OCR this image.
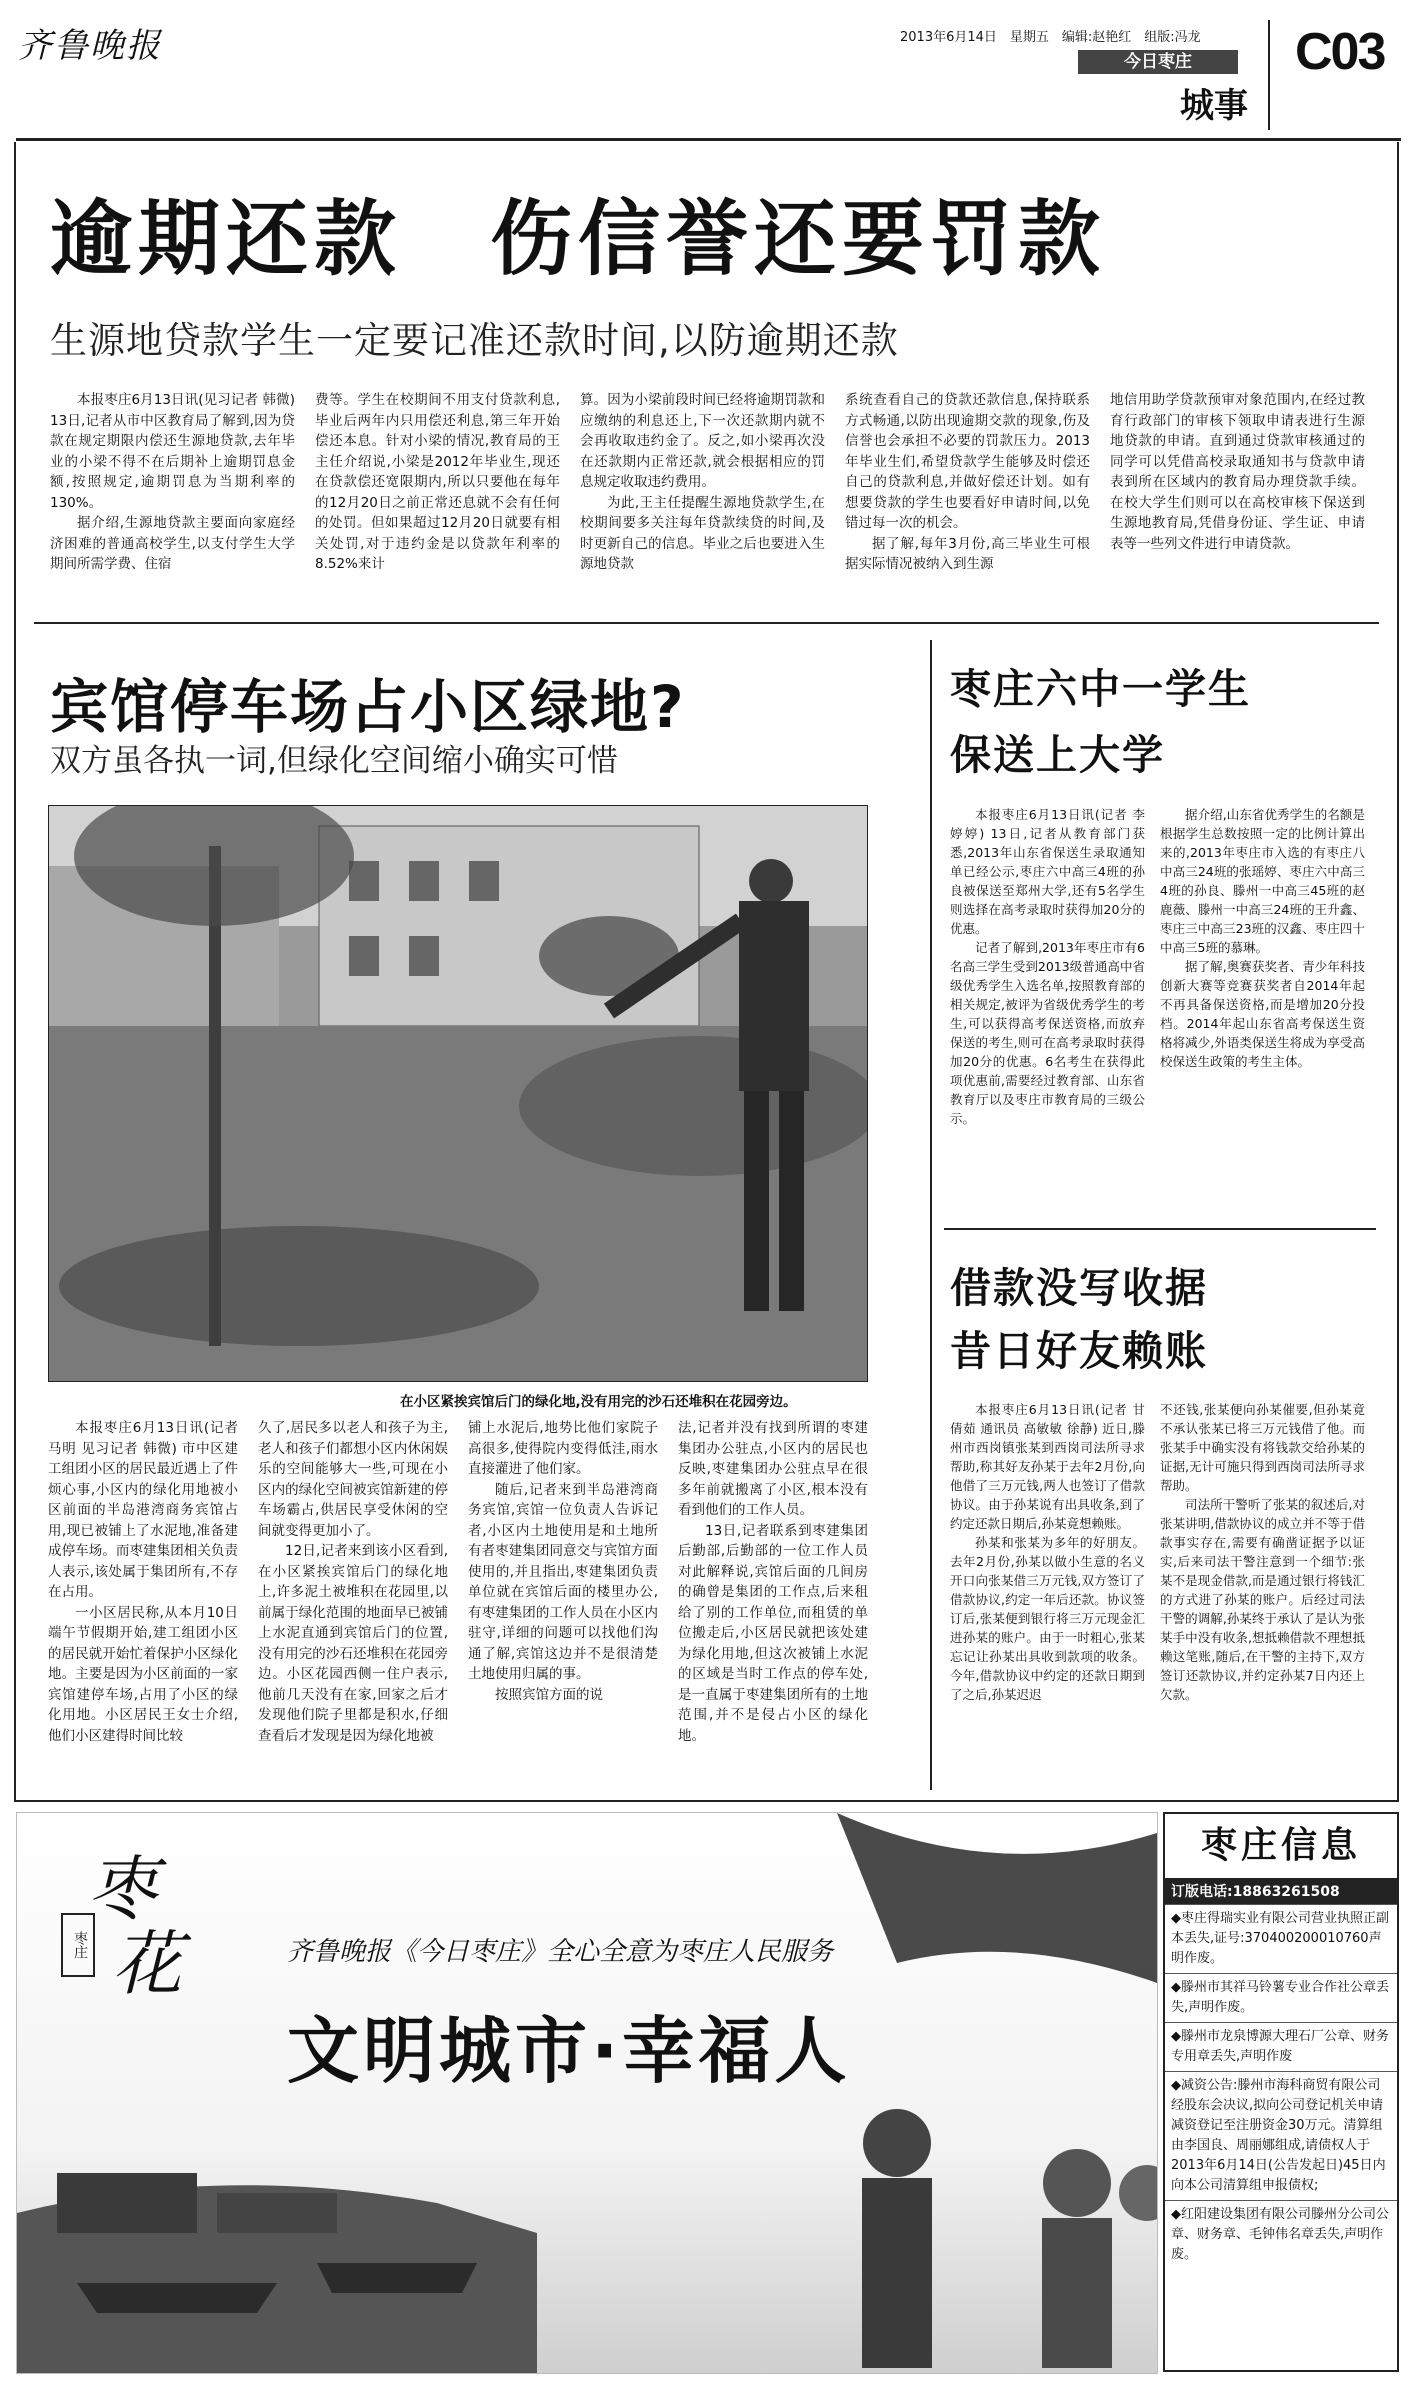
齐鲁晚报	2013年6月14日　星期五　编辑:赵艳红　组版:冯龙
今日枣庄
城事
C03
逾期还款　伤信誉还要罚款
生源地贷款学生一定要记准还款时间,以防逾期还款

本报枣庄6月13日讯(见习记者 韩微) 13日,记者从市中区教育局了解到,因为贷款在规定期限内偿还生源地贷款,去年毕业的小梁不得不在后期补上逾期罚息金额,按照规定,逾期罚息为当期利率的130%。

据介绍,生源地贷款主要面向家庭经济困难的普通高校学生,以支付学生大学期间所需学费、住宿

费等。学生在校期间不用支付贷款利息,毕业后两年内只用偿还利息,第三年开始偿还本息。针对小梁的情况,教育局的王主任介绍说,小梁是2012年毕业生,现还在贷款偿还宽限期内,所以只要他在每年的12月20日之前正常还息就不会有任何的处罚。但如果超过12月20日就要有相关处罚,对于违约金是以贷款年利率的8.52%来计

算。因为小梁前段时间已经将逾期罚款和应缴纳的利息还上,下一次还款期内就不会再收取违约金了。反之,如小梁再次没在还款期内正常还款,就会根据相应的罚息规定收取违约费用。

为此,王主任提醒生源地贷款学生,在校期间要多关注每年贷款续贷的时间,及时更新自己的信息。毕业之后也要进入生源地贷款

系统查看自己的贷款还款信息,保持联系方式畅通,以防出现逾期交款的现象,伤及信誉也会承担不必要的罚款压力。2013年毕业生们,希望贷款学生能够及时偿还自己的贷款利息,并做好偿还计划。如有想要贷款的学生也要看好申请时间,以免错过每一次的机会。

据了解,每年3月份,高三毕业生可根据实际情况被纳入到生源

地信用助学贷款预审对象范围内,在经过教育行政部门的审核下领取申请表进行生源地贷款的申请。直到通过贷款审核通过的同学可以凭借高校录取通知书与贷款申请表到所在区域内的教育局办理贷款手续。在校大学生们则可以在高校审核下保送到生源地教育局,凭借身份证、学生证、申请表等一些列文件进行申请贷款。

宾馆停车场占小区绿地?
双方虽各执一词,但绿化空间缩小确实可惜
在小区紧挨宾馆后门的绿化地,没有用完的沙石还堆积在花园旁边。

本报枣庄6月13日讯(记者 马明 见习记者 韩微) 市中区建工组团小区的居民最近遇上了件烦心事,小区内的绿化用地被小区前面的半岛港湾商务宾馆占用,现已被铺上了水泥地,准备建成停车场。而枣建集团相关负责人表示,该处属于集团所有,不存在占用。

一小区居民称,从本月10日端午节假期开始,建工组团小区的居民就开始忙着保护小区绿化地。主要是因为小区前面的一家宾馆建停车场,占用了小区的绿化用地。小区居民王女士介绍,他们小区建得时间比较

久了,居民多以老人和孩子为主,老人和孩子们都想小区内休闲娱乐的空间能够大一些,可现在小区内的绿化空间被宾馆新建的停车场霸占,供居民享受休闲的空间就变得更加小了。

12日,记者来到该小区看到,在小区紧挨宾馆后门的绿化地上,许多泥土被堆积在花园里,以前属于绿化范围的地面早已被铺上水泥直通到宾馆后门的位置,没有用完的沙石还堆积在花园旁边。小区花园西侧一住户表示,他前几天没有在家,回家之后才发现他们院子里都是积水,仔细查看后才发现是因为绿化地被

铺上水泥后,地势比他们家院子高很多,使得院内变得低洼,雨水直接灌进了他们家。

随后,记者来到半岛港湾商务宾馆,宾馆一位负责人告诉记者,小区内土地使用是和土地所有者枣建集团同意交与宾馆方面使用的,并且指出,枣建集团负责单位就在宾馆后面的楼里办公,有枣建集团的工作人员在小区内驻守,详细的问题可以找他们沟通了解,宾馆这边并不是很清楚土地使用归属的事。

按照宾馆方面的说

法,记者并没有找到所谓的枣建集团办公驻点,小区内的居民也反映,枣建集团办公驻点早在很多年前就搬离了小区,根本没有看到他们的工作人员。

13日,记者联系到枣建集团后勤部,后勤部的一位工作人员对此解释说,宾馆后面的几间房的确曾是集团的工作点,后来租给了别的工作单位,而租赁的单位搬走后,小区居民就把该处建为绿化用地,但这次被铺上水泥的区域是当时工作点的停车处,是一直属于枣建集团所有的土地范围,并不是侵占小区的绿化地。

枣庄六中一学生
保送上大学

本报枣庄6月13日讯(记者 李婷婷) 13日,记者从教育部门获悉,2013年山东省保送生录取通知单已经公示,枣庄六中高三4班的孙良被保送至郑州大学,还有5名学生则选择在高考录取时获得加20分的优惠。

记者了解到,2013年枣庄市有6名高三学生受到2013级普通高中省级优秀学生入选名单,按照教育部的相关规定,被评为省级优秀学生的考生,可以获得高考保送资格,而放弃保送的考生,则可在高考录取时获得加20分的优惠。6名考生在获得此项优惠前,需要经过教育部、山东省教育厅以及枣庄市教育局的三级公示。

据介绍,山东省优秀学生的名额是根据学生总数按照一定的比例计算出来的,2013年枣庄市入选的有枣庄八中高三24班的张瑶婷、枣庄六中高三4班的孙良、滕州一中高三45班的赵鹿薇、滕州一中高三24班的王升鑫、枣庄三中高三23班的汉鑫、枣庄四十中高三5班的慕琳。

据了解,奥赛获奖者、青少年科技创新大赛等竞赛获奖者自2014年起不再具备保送资格,而是增加20分投档。2014年起山东省高考保送生资格将减少,外语类保送生将成为享受高校保送生政策的考生主体。

借款没写收据
昔日好友赖账

本报枣庄6月13日讯(记者 甘倩茹 通讯员 高敏敏 徐静) 近日,滕州市西岗镇张某到西岗司法所寻求帮助,称其好友孙某于去年2月份,向他借了三万元钱,两人也签订了借款协议。由于孙某说有出具收条,到了约定还款日期后,孙某竟想赖账。

孙某和张某为多年的好朋友。去年2月份,孙某以做小生意的名义开口向张某借三万元钱,双方签订了借款协议,约定一年后还款。协议签订后,张某便到银行将三万元现金汇进孙某的账户。由于一时粗心,张某忘记让孙某出具收到款项的收条。今年,借款协议中约定的还款日期到了之后,孙某迟迟

不还钱,张某便向孙某催要,但孙某竟不承认张某已将三万元钱借了他。而张某手中确实没有将钱款交给孙某的证据,无计可施只得到西岗司法所寻求帮助。

司法所干警听了张某的叙述后,对张某讲明,借款协议的成立并不等于借款事实存在,需要有确凿证据予以证实,后来司法干警注意到一个细节:张某不是现金借款,而是通过银行将钱汇的方式进了孙某的账户。后经过司法干警的调解,孙某终于承认了是认为张某手中没有收条,想抵赖借款不理想抵赖这笔账,随后,在干警的主持下,双方签订还款协议,并约定孙某7日内还上欠款。

枣
花
枣庄	齐鲁晚报《今日枣庄》全心全意为枣庄人民服务
文明城市·幸福人
枣庄信息
订版电话:18863261508
◆枣庄得瑞实业有限公司营业执照正副本丢失,证号:370400200010760声明作废。
◆滕州市其祥马铃薯专业合作社公章丢失,声明作废。
◆滕州市龙泉博源大理石厂公章、财务专用章丢失,声明作废
◆减资公告:滕州市海科商贸有限公司经股东会决议,拟向公司登记机关申请减资登记至注册资金30万元。清算组由李国良、周丽娜组成,请债权人于2013年6月14日(公告发起日)45日内向本公司清算组申报债权;
◆红阳建设集团有限公司滕州分公司公章、财务章、毛钟伟名章丢失,声明作废。
